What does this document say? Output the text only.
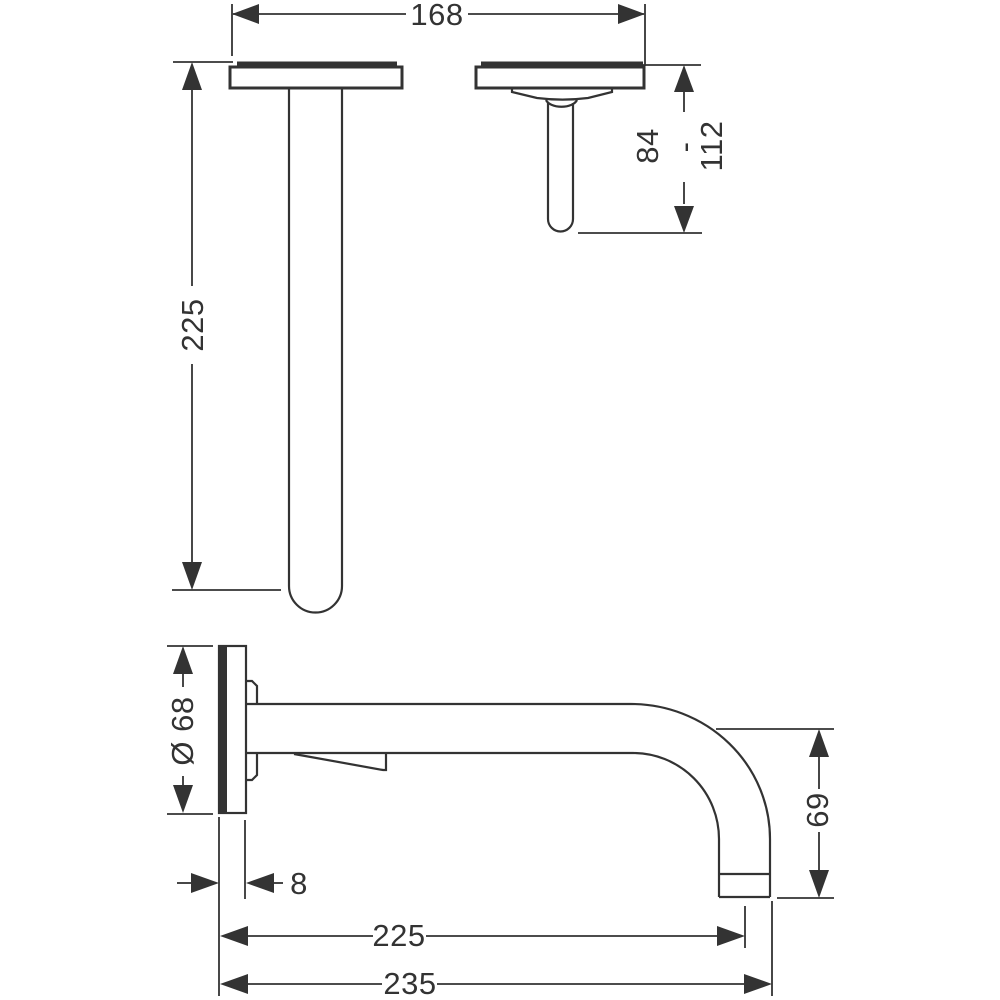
168
225
84 -
112
Ø 68
8
69
225
235
